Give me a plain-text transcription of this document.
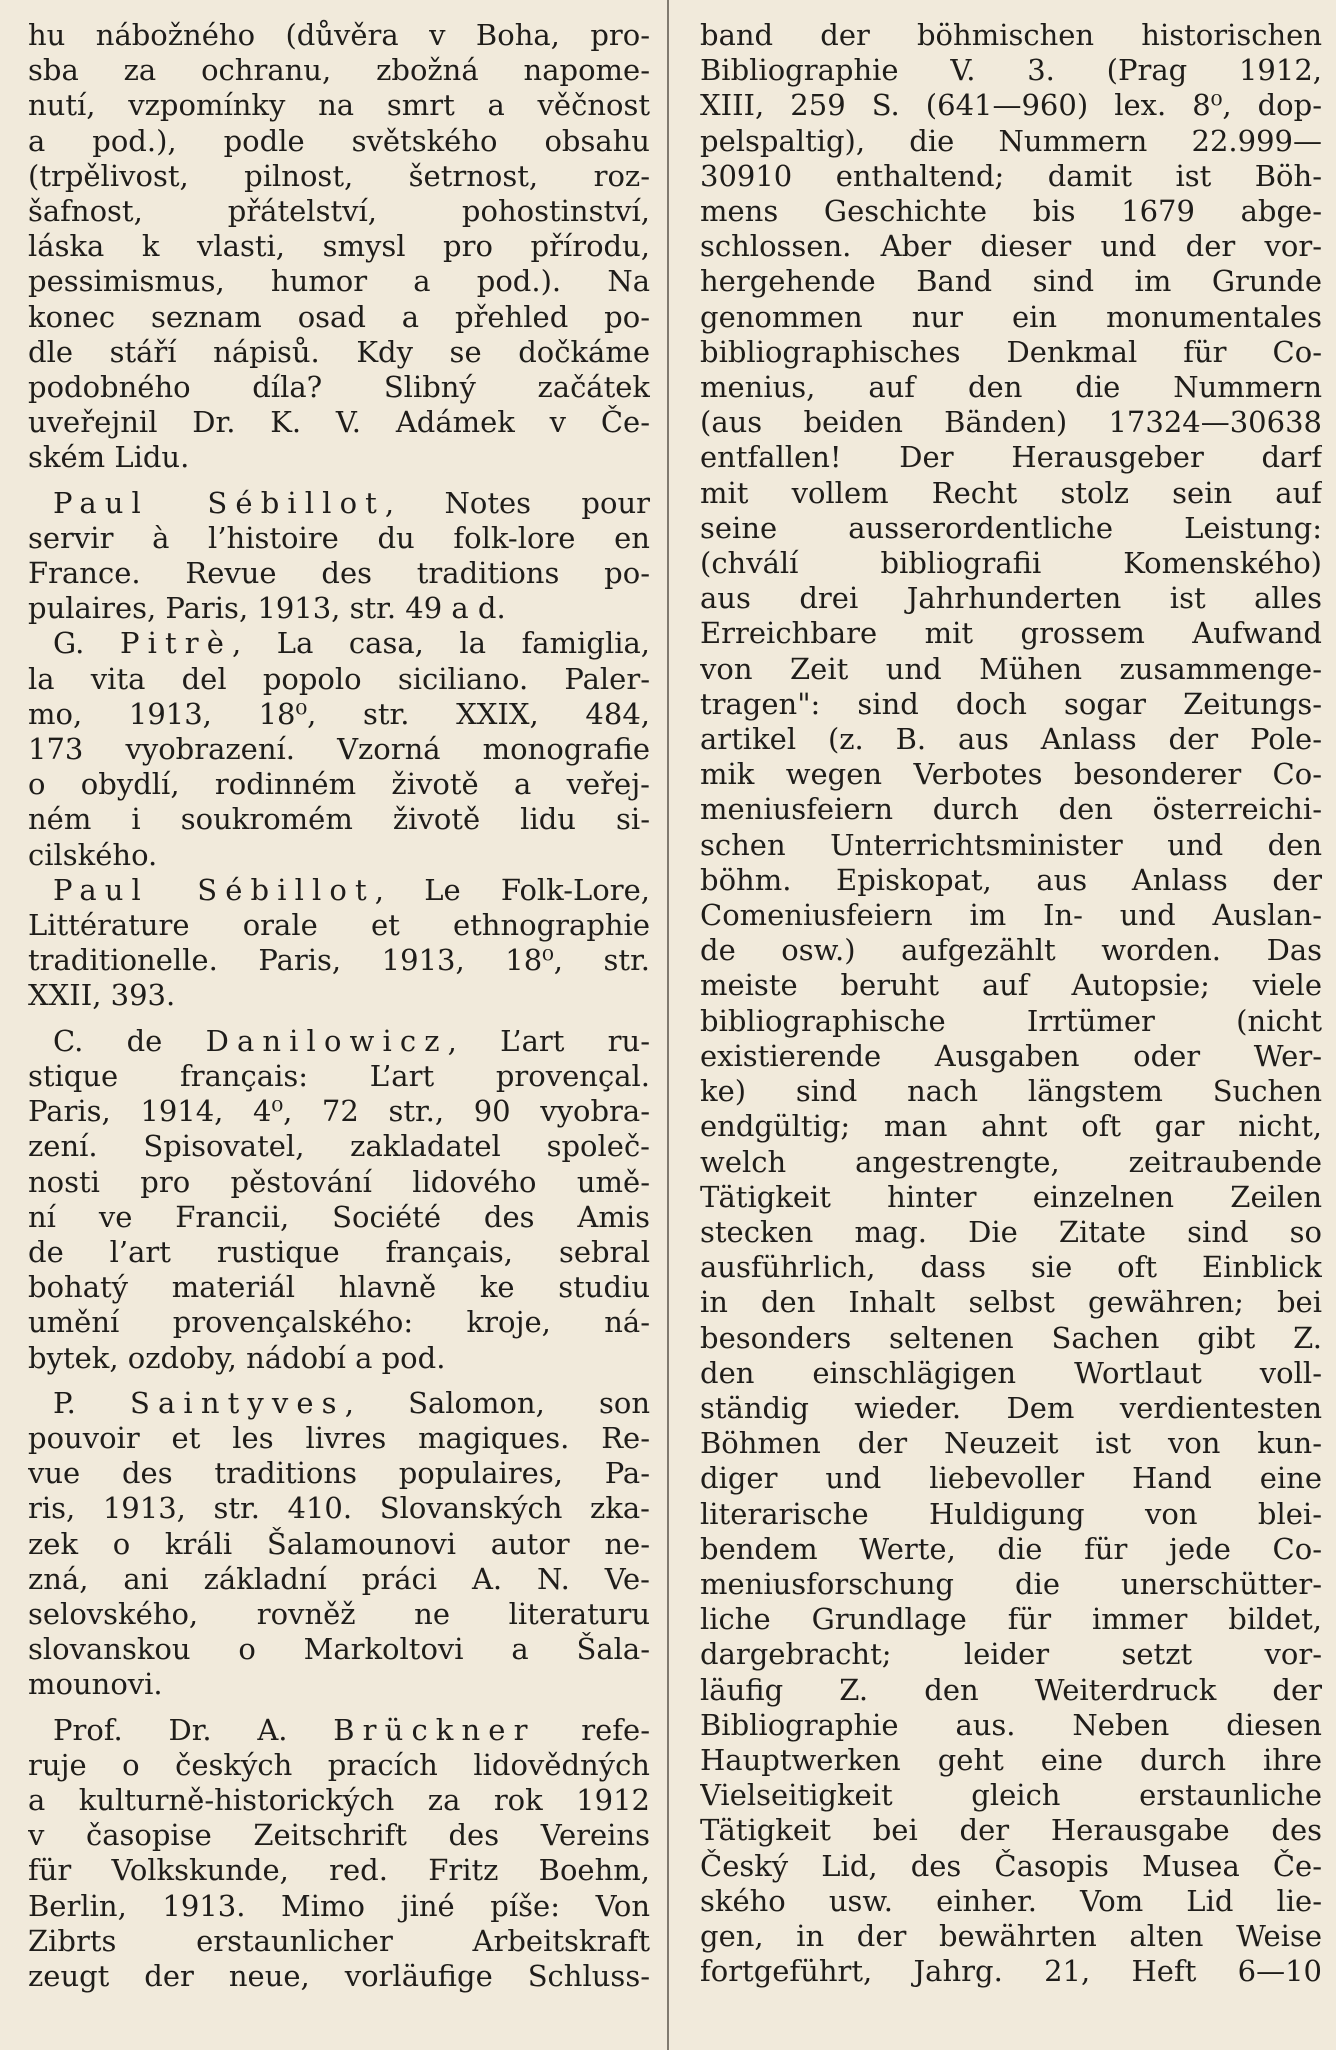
hu nábožného (důvěra v Boha, pro-
sba za ochranu, zbožná napome-
nutí, vzpomínky na smrt a věčnost
a pod.), podle světského obsahu
(trpělivost, pilnost, šetrnost, roz-
šafnost, přátelství, pohostinství,
láska k vlasti, smysl pro přírodu,
pessimismus, humor a pod.). Na
konec seznam osad a přehled po-
dle stáří nápisů. Kdy se dočkáme
podobného díla? Slibný začátek
uveřejnil Dr. K. V. Adámek v Če-
ském Lidu.
Paul Sébillot, Notes pour
servir à l’histoire du folk-lore en
France. Revue des traditions po-
pulaires, Paris, 1913, str. 49 a d.
G. Pitrè, La casa, la famiglia,
la vita del popolo siciliano. Paler-
mo, 1913, 18⁰, str. XXIX, 484,
173 vyobrazení. Vzorná monografie
o obydlí, rodinném životě a veřej-
ném i soukromém životě lidu si-
cilského.
Paul Sébillot, Le Folk-Lore,
Littérature orale et ethnographie
traditionelle. Paris, 1913, 18⁰, str.
XXII, 393.
C. de Danilowicz, L’art ru-
stique français: L’art provençal.
Paris, 1914, 4⁰, 72 str., 90 vyobra-
zení. Spisovatel, zakladatel společ-
nosti pro pěstování lidového umě-
ní ve Francii, Société des Amis
de l’art rustique français, sebral
bohatý materiál hlavně ke studiu
umění provençalského: kroje, ná-
bytek, ozdoby, nádobí a pod.
P. Saintyves, Salomon, son
pouvoir et les livres magiques. Re-
vue des traditions populaires, Pa-
ris, 1913, str. 410. Slovanských zka-
zek o králi Šalamounovi autor ne-
zná, ani základní práci A. N. Ve-
selovského, rovněž ne literaturu
slovanskou o Markoltovi a Šala-
mounovi.
Prof. Dr. A. Brückner refe-
ruje o českých pracích lidovědných
a kulturně-historických za rok 1912
v časopise Zeitschrift des Vereins
für Volkskunde, red. Fritz Boehm,
Berlin, 1913. Mimo jiné píše: Von
Zibrts erstaunlicher Arbeitskraft
zeugt der neue, vorläufige Schluss-
band der böhmischen historischen
Bibliographie V. 3. (Prag 1912,
XIII, 259 S. (641—960) lex. 8⁰, dop-
pelspaltig), die Nummern 22.999—
30910 enthaltend; damit ist Böh-
mens Geschichte bis 1679 abge-
schlossen. Aber dieser und der vor-
hergehende Band sind im Grunde
genommen nur ein monumentales
bibliographisches Denkmal für Co-
menius, auf den die Nummern
(aus beiden Bänden) 17324—30638
entfallen! Der Herausgeber darf
mit vollem Recht stolz sein auf
seine ausserordentliche Leistung:
(chválí bibliografii Komenského)
aus drei Jahrhunderten ist alles
Erreichbare mit grossem Aufwand
von Zeit und Mühen zusammenge-
tragen": sind doch sogar Zeitungs-
artikel (z. B. aus Anlass der Pole-
mik wegen Verbotes besonderer Co-
meniusfeiern durch den österreichi-
schen Unterrichtsminister und den
böhm. Episkopat, aus Anlass der
Comeniusfeiern im In- und Auslan-
de osw.) aufgezählt worden. Das
meiste beruht auf Autopsie; viele
bibliographische Irrtümer (nicht
existierende Ausgaben oder Wer-
ke) sind nach längstem Suchen
endgültig; man ahnt oft gar nicht,
welch angestrengte, zeitraubende
Tätigkeit hinter einzelnen Zeilen
stecken mag. Die Zitate sind so
ausführlich, dass sie oft Einblick
in den Inhalt selbst gewähren; bei
besonders seltenen Sachen gibt Z.
den einschlägigen Wortlaut voll-
ständig wieder. Dem verdientesten
Böhmen der Neuzeit ist von kun-
diger und liebevoller Hand eine
literarische Huldigung von blei-
bendem Werte, die für jede Co-
meniusforschung die unerschütter-
liche Grundlage für immer bildet,
dargebracht; leider setzt vor-
läufig Z. den Weiterdruck der
Bibliographie aus. Neben diesen
Hauptwerken geht eine durch ihre
Vielseitigkeit gleich erstaunliche
Tätigkeit bei der Herausgabe des
Český Lid, des Časopis Musea Če-
ského usw. einher. Vom Lid lie-
gen, in der bewährten alten Weise
fortgeführt, Jahrg. 21, Heft 6—10
